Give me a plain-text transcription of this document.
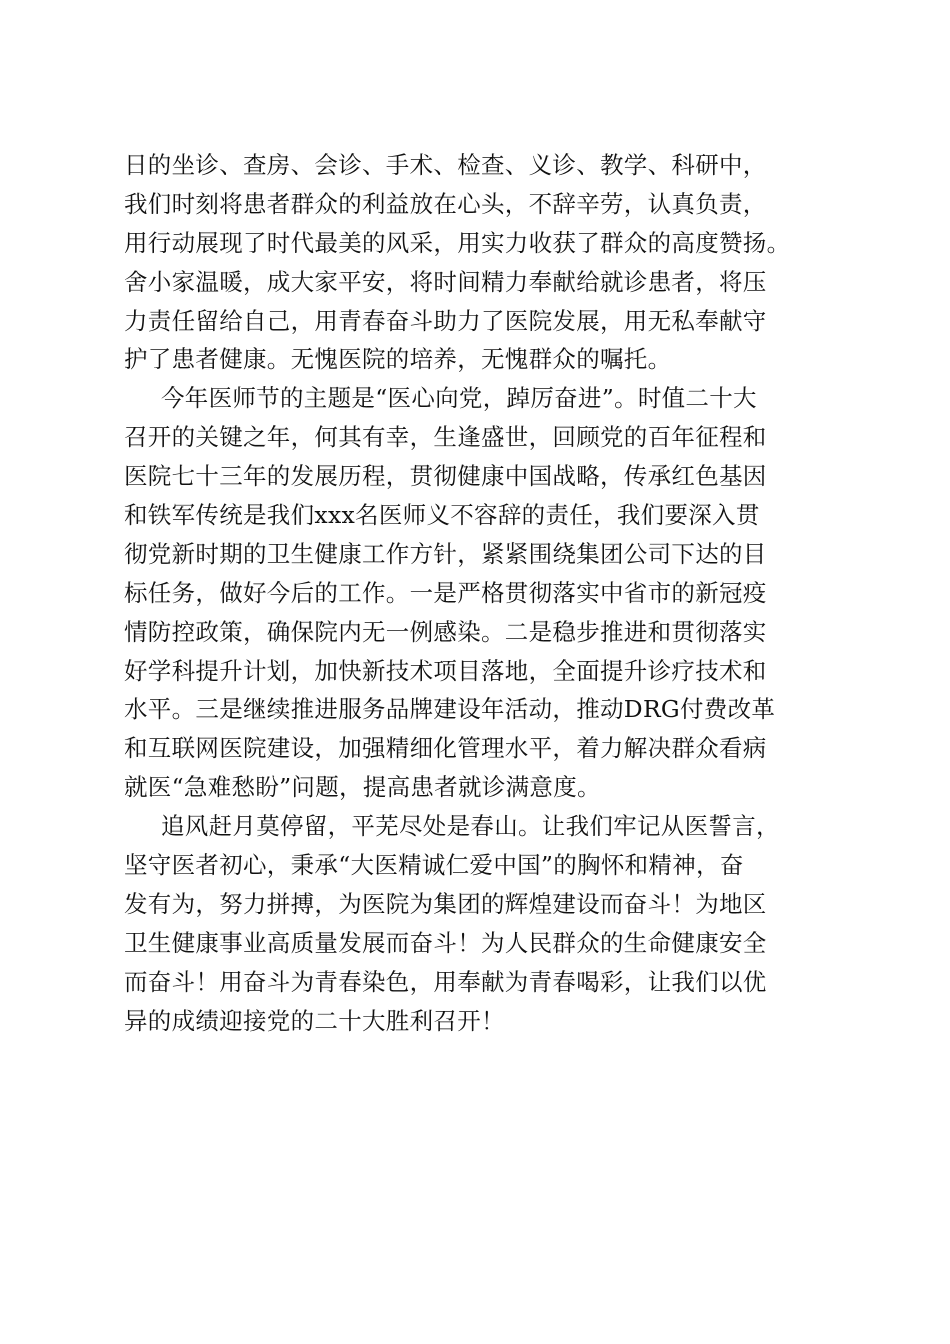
日的坐诊、查房、会诊、手术、检查、义诊、教学、科研中，
我们时刻将患者群众的利益放在心头，不辞辛劳，认真负责，
用行动展现了时代最美的风采，用实力收获了群众的高度赞扬。
舍小家温暖，成大家平安，将时间精力奉献给就诊患者，将压
力责任留给自己，用青春奋斗助力了医院发展，用无私奉献守
护了患者健康。无愧医院的培养，无愧群众的嘱托。
今年医师节的主题是“医心向党，踔厉奋进”。时值二十大
召开的关键之年，何其有幸，生逢盛世，回顾党的百年征程和
医院七十三年的发展历程，贯彻健康中国战略，传承红色基因
和铁军传统是我们xxx名医师义不容辞的责任，我们要深入贯
彻党新时期的卫生健康工作方针，紧紧围绕集团公司下达的目
标任务，做好今后的工作。一是严格贯彻落实中省市的新冠疫
情防控政策，确保院内无一例感染。二是稳步推进和贯彻落实
好学科提升计划，加快新技术项目落地，全面提升诊疗技术和
水平。三是继续推进服务品牌建设年活动，推动DRG付费改革
和互联网医院建设，加强精细化管理水平，着力解决群众看病
就医“急难愁盼”问题，提高患者就诊满意度。
追风赶月莫停留，平芜尽处是春山。让我们牢记从医誓言，
坚守医者初心，秉承“大医精诚仁爱中国”的胸怀和精神，奋
发有为，努力拼搏，为医院为集团的辉煌建设而奋斗！为地区
卫生健康事业高质量发展而奋斗！为人民群众的生命健康安全
而奋斗！用奋斗为青春染色，用奉献为青春喝彩，让我们以优
异的成绩迎接党的二十大胜利召开！
